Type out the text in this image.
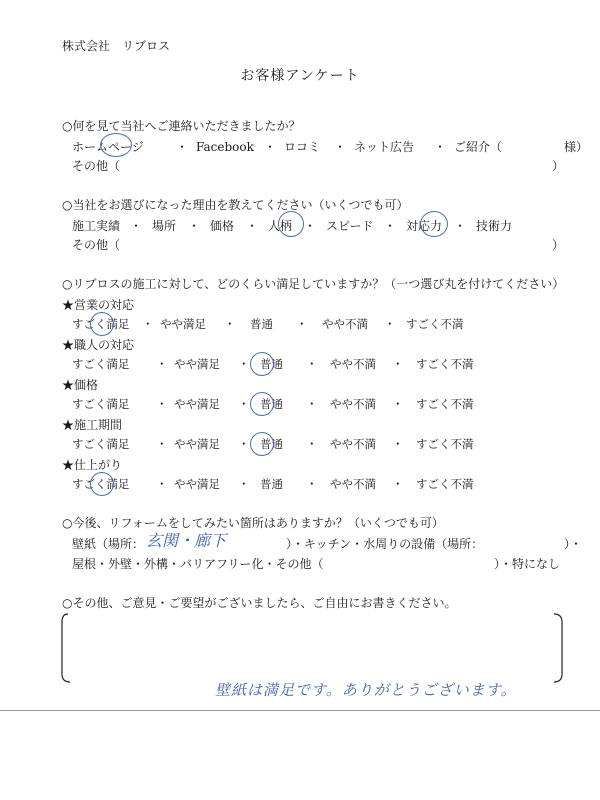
株式会社　リブロス
お客様アンケート
○何を見て当社へご連絡いただきましたか？
ホームページ	・ Facebook ・ ロコミ	・ ネット広告	・ ご紹介（	様）
その他（	）
○当社をお選びになった理由を教えてください（いくつでも可）
施工実績 ・ 場所 ・ 価格 ・ 人柄 ・ スピード ・ 対応力 ・ 技術力
その他（	）
○リブロスの施工に対して、どのくらい満足していますか？（一つ選び丸を付けてください）
★営業の対応
すごく満足	・ やや満足	・	普通	・	やや不満	・ すごく不満
★職人の対応
すごく満足	・ やや満足	・ 普通	・	やや不満	・	すごく不満
★価格
すごく満足	・ やや満足	・ 普通	・	やや不満	・	すごく不満
★施工期間
すごく満足	・ やや満足	・ 普通	・	やや不満	・	すごく不満
★仕上がり
すごく満足	・ やや満足	・ 普通	・	やや不満	・	すごく不満
○今後、リフォームをしてみたい箇所はありますか？（いくつでも可）
壁紙（場所： 玄関・廊下	）・キッチン・水周りの設備（場所：	）・
屋根・外壁・外構・バリアフリー化・その他（	）・特になし
○その他、ご意見・ご要望がございましたら、ご自由にお書きください。
壁紙は満足です。ありがとうございます。
